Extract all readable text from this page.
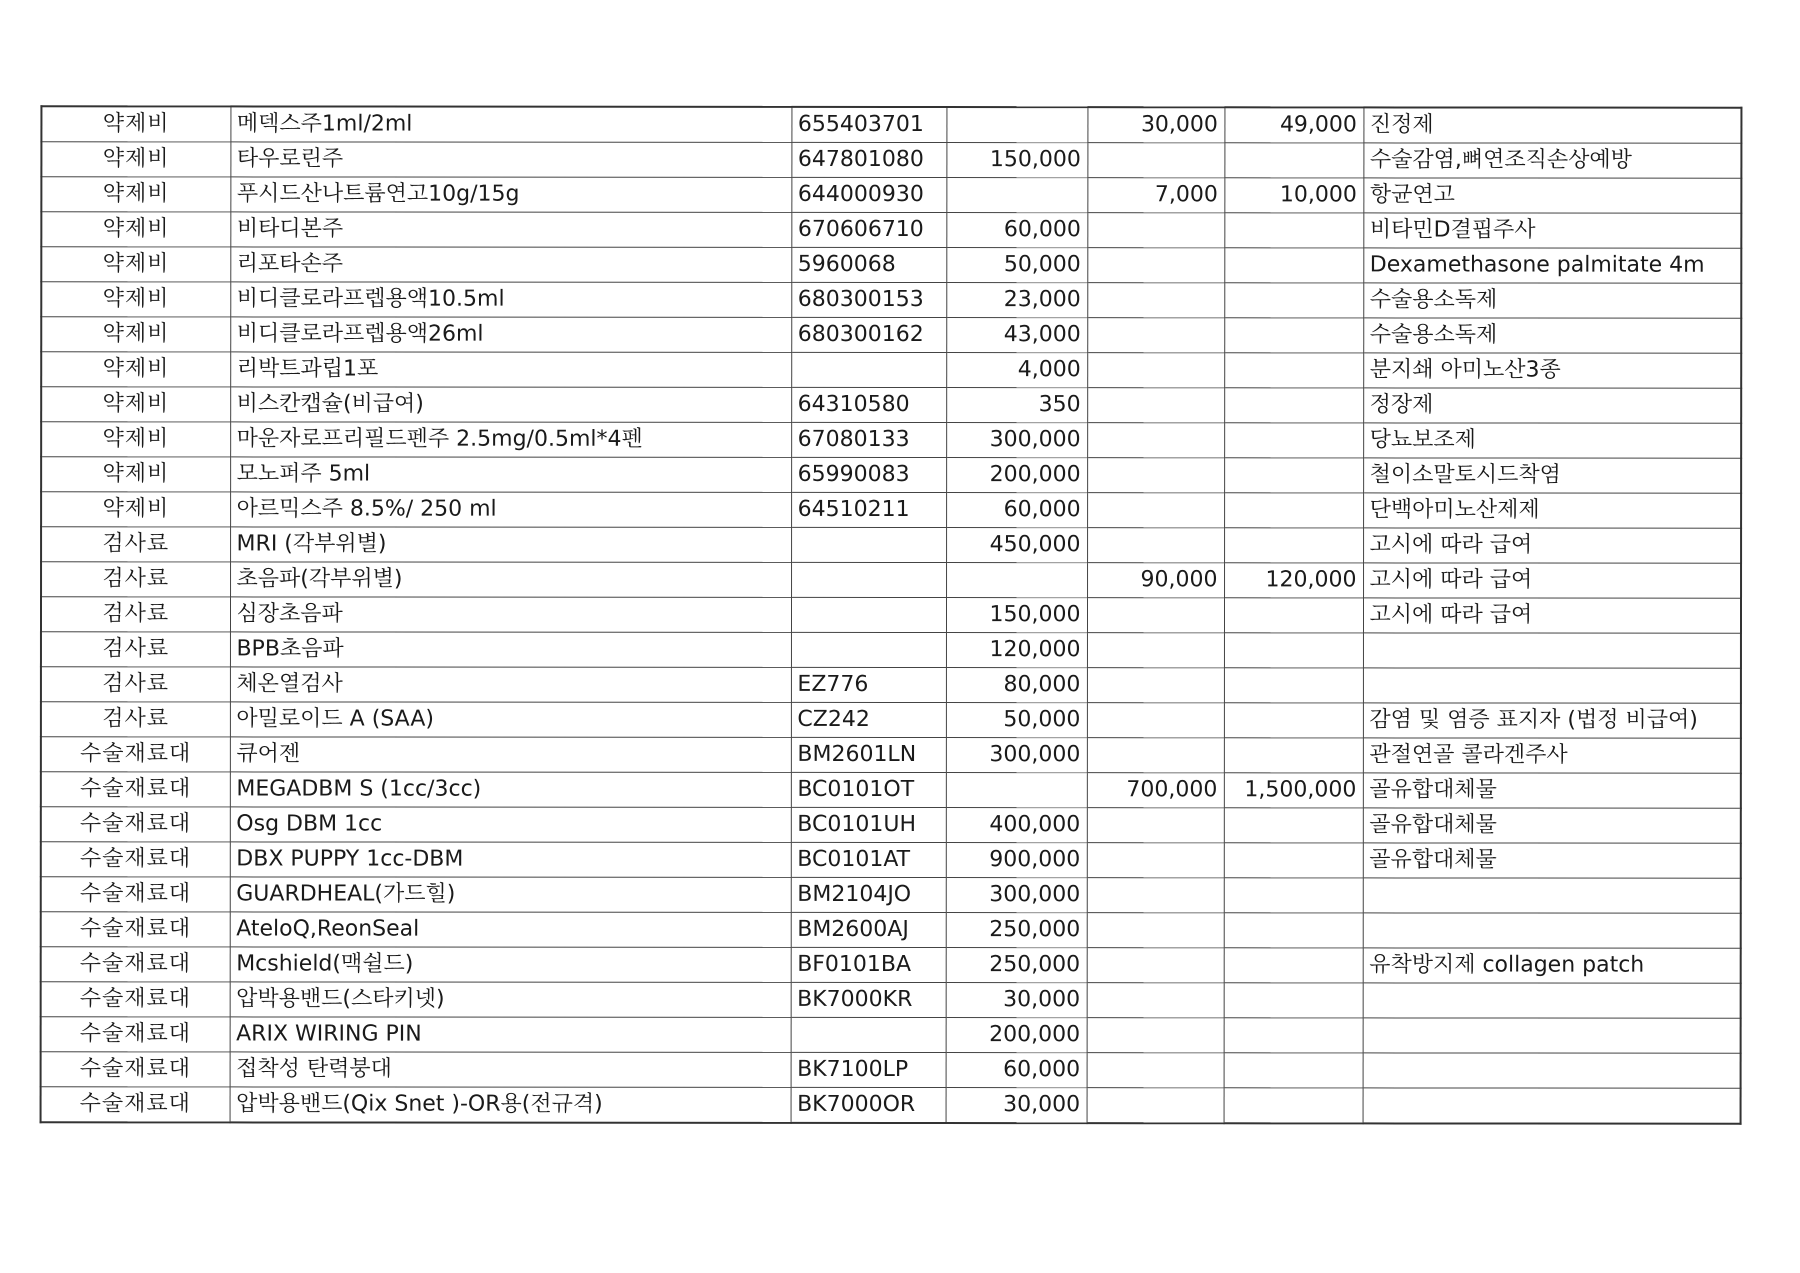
약제비	메덱스주1ml/2ml	655403701		30,000	49,000	진정제
약제비	타우로린주	647801080	150,000			수술감염,뼈연조직손상예방
약제비	푸시드산나트륨연고10g/15g	644000930		7,000	10,000	항균연고
약제비	비타디본주	670606710	60,000			비타민D결핍주사
약제비	리포타손주	5960068	50,000			Dexamethasone palmitate 4m
약제비	비디클로라프렙용액10.5ml	680300153	23,000			수술용소독제
약제비	비디클로라프렙용액26ml	680300162	43,000			수술용소독제
약제비	리박트과립1포		4,000			분지쇄 아미노산3종
약제비	비스칸캡슐(비급여)	64310580	350			정장제
약제비	마운자로프리필드펜주 2.5mg/0.5ml*4펜	67080133	300,000			당뇨보조제
약제비	모노퍼주 5ml	65990083	200,000			철이소말토시드착염
약제비	아르믹스주 8.5%/ 250 ml	64510211	60,000			단백아미노산제제
검사료	MRI (각부위별)		450,000			고시에 따라 급여
검사료	초음파(각부위별)			90,000	120,000	고시에 따라 급여
검사료	심장초음파		150,000			고시에 따라 급여
검사료	BPB초음파		120,000			
검사료	체온열검사	EZ776	80,000			
검사료	아밀로이드 A (SAA)	CZ242	50,000			감염 및 염증 표지자 (법정 비급여)
수술재료대	큐어젠	BM2601LN	300,000			관절연골 콜라겐주사
수술재료대	MEGADBM S (1cc/3cc)	BC0101OT		700,000	1,500,000	골유합대체물
수술재료대	Osg DBM 1cc	BC0101UH	400,000			골유합대체물
수술재료대	DBX PUPPY 1cc-DBM	BC0101AT	900,000			골유합대체물
수술재료대	GUARDHEAL(가드힐)	BM2104JO	300,000			
수술재료대	AteloQ,ReonSeal	BM2600AJ	250,000			
수술재료대	Mcshield(맥쉴드)	BF0101BA	250,000			유착방지제 collagen patch
수술재료대	압박용밴드(스타키넷)	BK7000KR	30,000			
수술재료대	ARIX WIRING PIN		200,000			
수술재료대	접착성 탄력붕대	BK7100LP	60,000			
수술재료대	압박용밴드(Qix Snet )-OR용(전규격)	BK7000OR	30,000			
